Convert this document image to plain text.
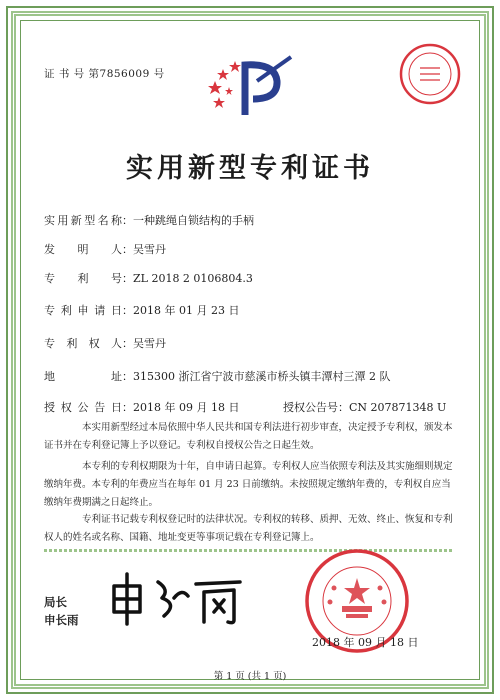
证 书 号 第7856009 号
实用新型专利证书
实用新型名称：一种跳绳自锁结构的手柄
发明人：吴雪丹
专利号：ZL 2018 2 0106804.3
专利申请日：2018 年 01 月 23 日
专利权人：吴雪丹
地址：315300 浙江省宁波市慈溪市桥头镇丰潭村三潭 2 队
授权公告日：2018 年 09 月 18 日	授权公告号：CN 207871348 U
本实用新型经过本局依照中华人民共和国专利法进行初步审查，决定授予专利权，颁发本证书并在专利登记簿上予以登记。专利权自授权公告之日起生效。
本专利的专利权期限为十年，自申请日起算。专利权人应当依照专利法及其实施细则规定缴纳年费。本专利的年费应当在每年 01 月 23 日前缴纳。未按照规定缴纳年费的，专利权自应当缴纳年费期满之日起终止。
专利证书记载专利权登记时的法律状况。专利权的转移、质押、无效、终止、恢复和专利权人的姓名或名称、国籍、地址变更等事项记载在专利登记簿上。
局长
申长雨
2018 年 09 月 18 日
第 1 页 (共 1 页)
